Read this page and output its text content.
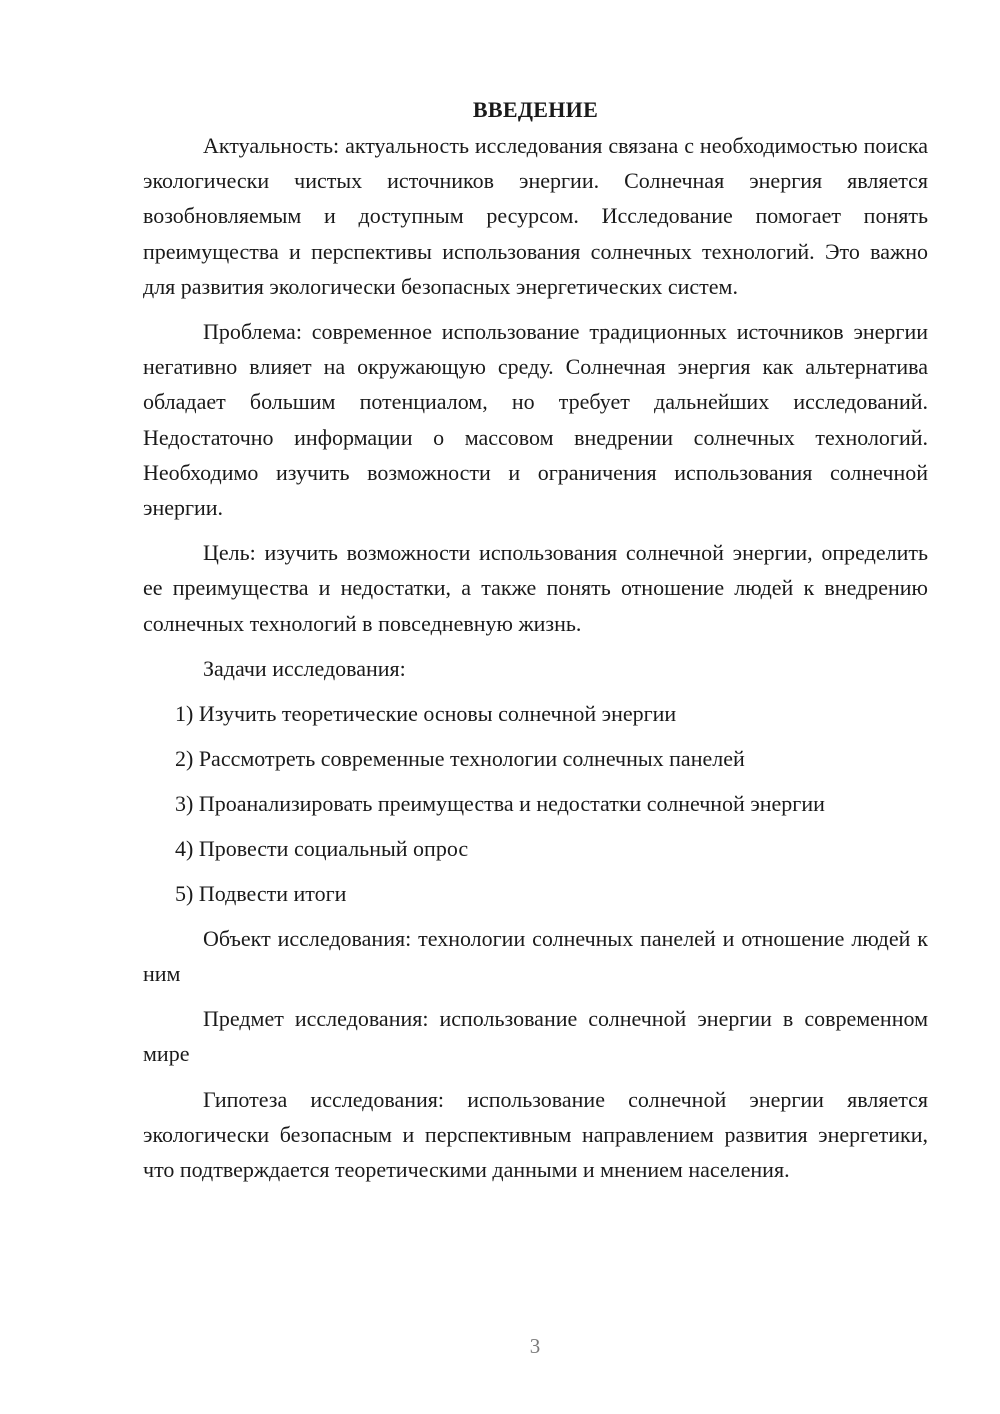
ВВЕДЕНИЕ

Актуальность: актуальность исследования связана с необходимостью поиска экологически чистых источников энергии. Солнечная энергия является возобновляемым и доступным ресурсом. Исследование помогает понять преимущества и перспективы использования солнечных технологий. Это важно для развития экологически безопасных энергетических систем.

Проблема: современное использование традиционных источников энергии негативно влияет на окружающую среду. Солнечная энергия как альтернатива обладает большим потенциалом, но требует дальнейших исследований. Недостаточно информации о массовом внедрении солнечных технологий. Необходимо изучить возможности и ограничения использования солнечной энергии.

Цель: изучить возможности использования солнечной энергии, определить ее преимущества и недостатки, а также понять отношение людей к внедрению солнечных технологий в повседневную жизнь.

Задачи исследования:
1) Изучить теоретические основы солнечной энергии
2) Рассмотреть современные технологии солнечных панелей
3) Проанализировать преимущества и недостатки солнечной энергии
4) Провести социальный опрос
5) Подвести итоги

Объект исследования: технологии солнечных панелей и отношение людей к ним

Предмет исследования: использование солнечной энергии в современном мире

Гипотеза исследования: использование солнечной энергии является экологически безопасным и перспективным направлением развития энергетики, что подтверждается теоретическими данными и мнением населения.

3
